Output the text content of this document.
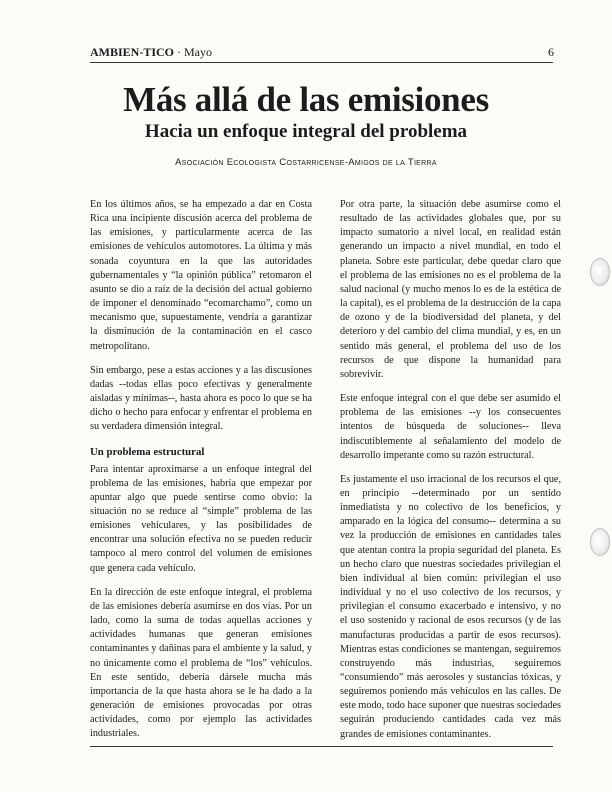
AMBIEN-TICO · Mayo	6
Más allá de las emisiones
Hacia un enfoque integral del problema
Asociación Ecologista Costarricense-Amigos de la Tierra

En los últimos años, se ha empezado a dar en Costa Rica una incipiente discusión acerca del problema de las emisiones, y particularmente acerca de las emisiones de vehículos automotores. La última y más sonada coyuntura en la que las autoridades gubernamentales y “la opinión pública” retomaron el asunto se dio a raíz de la decisión del actual gobierno de imponer el denominado “ecomarchamo”, como un mecanismo que, supuestamente, vendría a garantizar la disminución de la contaminación en el casco metropolitano.

Sin embargo, pese a estas acciones y a las discusiones dadas --todas ellas poco efectivas y generalmente aisladas y mínimas--, hasta ahora es poco lo que se ha dicho o hecho para enfocar y enfrentar el problema en su verdadera dimensión integral.

Un problema estructural

Para intentar aproximarse a un enfoque integral del problema de las emisiones, habría que empezar por apuntar algo que puede sentirse como obvio: la situación no se reduce al “simple” problema de las emisiones vehiculares, y las posibilidades de encontrar una solución efectiva no se pueden reducir tampoco al mero control del volumen de emisiones que genera cada vehículo.

En la dirección de este enfoque integral, el problema de las emisiones debería asumirse en dos vías. Por un lado, como la suma de todas aquellas acciones y actividades humanas que generan emisiones contaminantes y dañinas para el ambiente y la salud, y no únicamente como el problema de “los” vehículos. En este sentido, debería dársele mucha más importancia de la que hasta ahora se le ha dado a la generación de emisiones provocadas por otras actividades, como por ejemplo las actividades industriales.

Por otra parte, la situación debe asumirse como el resultado de las actividades globales que, por su impacto sumatorio a nivel local, en realidad están generando un impacto a nivel mundial, en todo el planeta. Sobre este particular, debe quedar claro que el problema de las emisiones no es el problema de la salud nacional (y mucho menos lo es de la estética de la capital), es el problema de la destrucción de la capa de ozono y de la biodiversidad del planeta, y del deterioro y del cambio del clima mundial, y es, en un sentido más general, el problema del uso de los recursos de que dispone la humanidad para sobrevivir.

Este enfoque integral con el que debe ser asumido el problema de las emisiones --y los consecuentes intentos de búsqueda de soluciones-- lleva indiscutiblemente al señalamiento del modelo de desarrollo imperante como su razón estructural.

Es justamente el uso irracional de los recursos el que, en principio --determinado por un sentido inmediatista y no colectivo de los beneficios, y amparado en la lógica del consumo-- determina a su vez la producción de emisiones en cantidades tales que atentan contra la propia seguridad del planeta. Es un hecho claro que nuestras sociedades privilegian el bien individual al bien común: privilegian el uso individual y no el uso colectivo de los recursos, y privilegian el consumo exacerbado e intensivo, y no el uso sostenido y racional de esos recursos (y de las manufacturas producidas a partir de esos recursos). Mientras estas condiciones se mantengan, seguiremos construyendo más industrias, seguiremos “consumiendo” más aerosoles y sustancias tóxicas, y seguiremos poniendo más vehículos en las calles. De este modo, todo hace suponer que nuestras sociedades seguirán produciendo cantidades cada vez más grandes de emisiones contaminantes.
